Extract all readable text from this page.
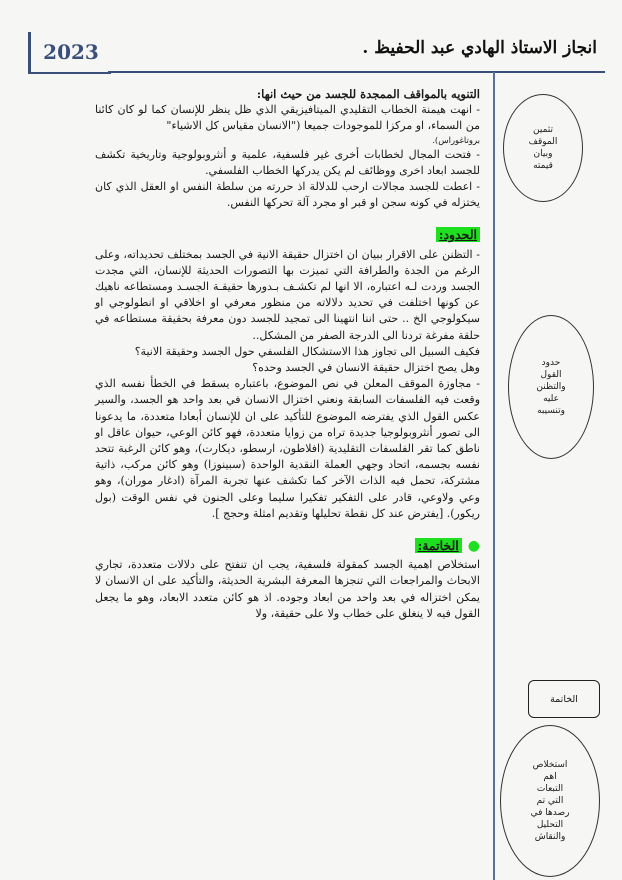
2023	انجاز الاستاذ الهادي عبد الحفيظ .
تثمين
الموقف
وبيان
قيمته
حدود
القول
والتظنن
عليه
وتنسيبه
الخاتمة
استخلاص
اهم
التبعات
التي تم
رصدها في
التحليل
والنقاش

التنويه بالمواقف الممجدة للجسد من حيث انها:

- انهت هيمنة الخطاب التقليدي الميتافيزيقي الذي ظل ينظر للإنسان كما لو كان كائنا من السماء، او مركزا للموجودات جميعا ("الانسان مقياس كل الاشياء"

بروتاغوراس).

- فتحت المجال لخطابات أخرى غير فلسفية، علمية و أنثروبولوجية وتاريخية تكشف للجسد ابعاد اخرى ووظائف لم يكن يدركها الخطاب الفلسفي.

- اعطت للجسد مجالات ارحب للدلالة اذ حررته من سلطة النفس او العقل الذي كان يختزله في كونه سجن او قبر او مجرد آلة تحركها النفس.

الحدود:

- التظنن على الاقرار ببيان ان اختزال حقيقة الانية في الجسد بمختلف تحديداته، وعلى الرغم من الجدة والطرافة التي تميزت بها التصورات الحديثة للإنسان، التي مجدت الجسد وردت لـه اعتباره، الا انها لم تكشـف بـدورها حقيقـة الجسـد ومستطاعه ناهيك عن كونها اختلفت في تحديد دلالاته من منظور معرفي او اخلاقي او انطولوجي او سيكولوجي الخ .. حتى اننا انتهينا الى تمجيد للجسد دون معرفة بحقيقة مستطاعه في حلقة مفرغة تردنا الى الدرجة الصفر من المشكل..

فكيف السبيل الى تجاوز هذا الاستشكال الفلسفي حول الجسد وحقيقة الانية؟

وهل يصح اختزال حقيقة الانسان في الجسد وحده؟

- مجاوزة الموقف المعلن في نص الموضوع، باعتباره يسقط في الخطأ نفسه الذي وقعت فيه الفلسفات السابقة ونعني اختزال الانسان في بعد واحد هو الجسد، والسير عكس القول الذي يفترضه الموضوع للتأكيد على ان للإنسان أبعادا متعددة، ما يدعونا الى تصور أنثروبولوجيا جديدة تراه من زوايا متعددة، فهو كائن الوعي، حيوان عاقل او ناطق كما تقر الفلسفات التقليدية (افلاطون، ارسطو، ديكارت)، وهو كائن الرغبة تتحد نفسه بجسمه، اتحاد وجهي العملة النقدية الواحدة (سبينوزا) وهو كائن مركب، ذاتية مشتركة، تحمل فيه الذات الآخر كما تكشف عنها تجربة المرآة (ادغار موران)، وهو وعي ولاوعي، قادر على التفكير تفكيرا سليما وعلى الجنون في نفس الوقت (بول ريكور). [يفترض عند كل نقطة تحليلها وتقديم امثلة وحجج ].

●الخاتمة:

استخلاص اهمية الجسد كمقولة فلسفية، يجب ان تنفتح على دلالات متعددة، تجاري الابحاث والمراجعات التي تنجزها المعرفة البشرية الحديثة، والتأكيد على ان الانسان لا يمكن اختزاله في بعد واحد من ابعاد وجوده. اذ هو كائن متعدد الابعاد، وهو ما يجعل القول فيه لا ينغلق على خطاب ولا على حقيقة، ولا
